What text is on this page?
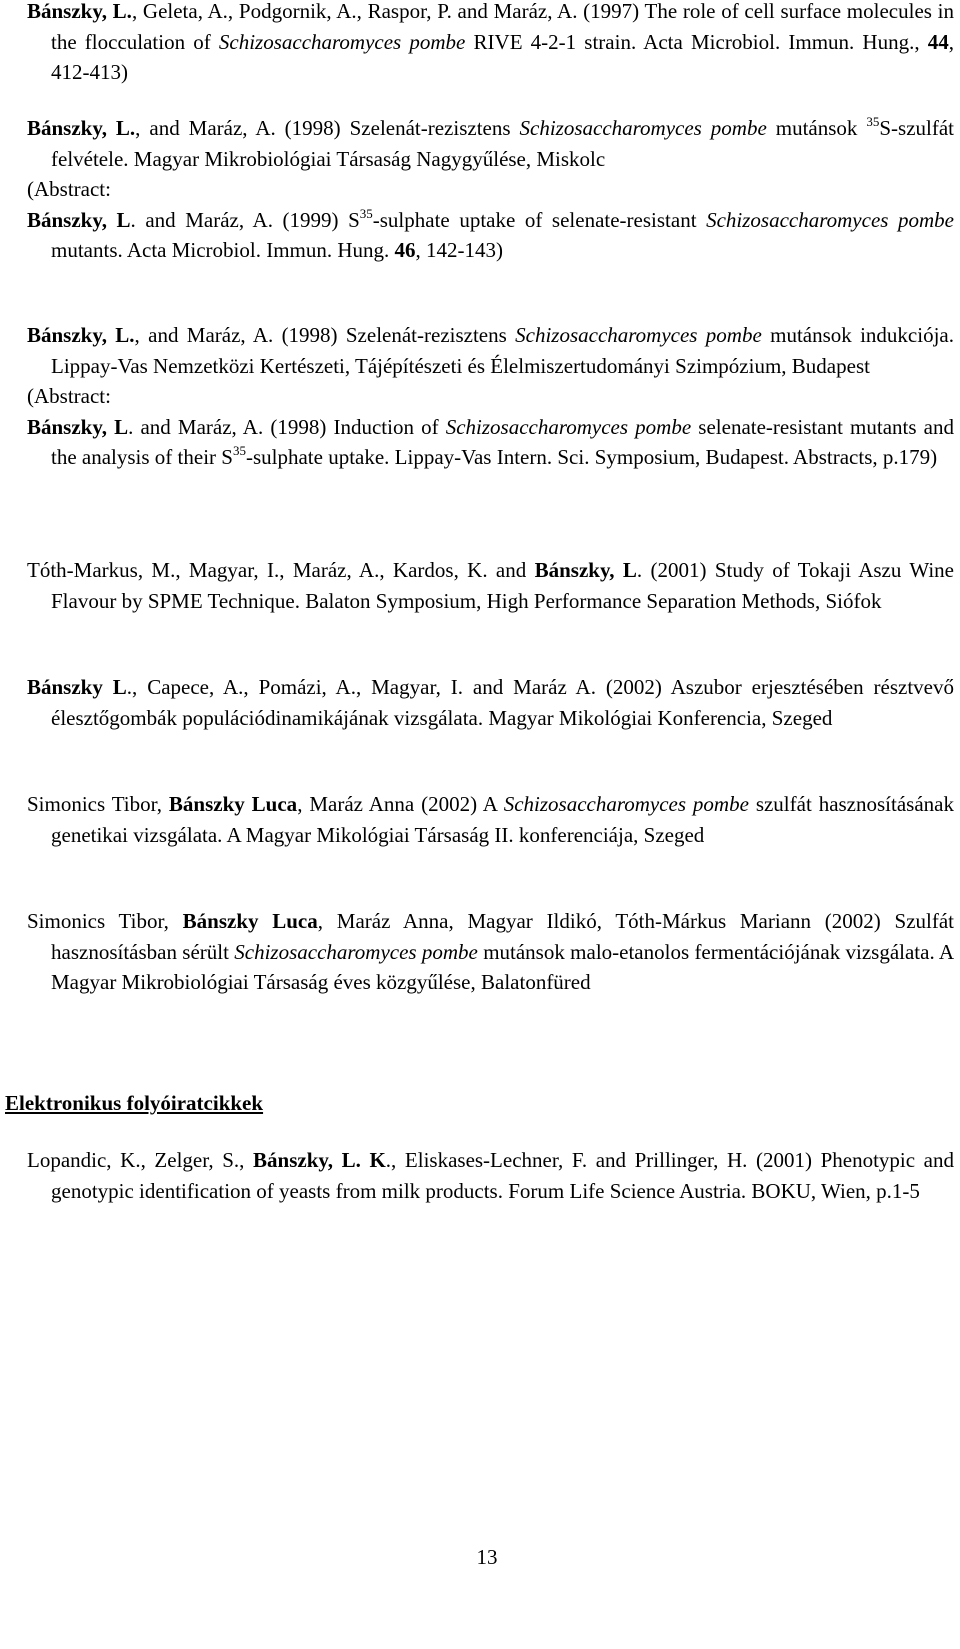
Bánszky, L., Geleta, A., Podgornik, A., Raspor, P. and Maráz, A. (1997) The role of cell surface molecules in the flocculation of Schizosaccharomyces pombe RIVE 4-2-1 strain. Acta Microbiol. Immun. Hung., 44, 412-413)

Bánszky, L., and Maráz, A. (1998) Szelenát-rezisztens Schizosaccharomyces pombe mutánsok $^{35}$S-szulfát felvétele. Magyar Mikrobiológiai Társaság Nagygyűlése, Miskolc
(Abstract:
Bánszky, L. and Maráz, A. (1999) $S^{35}$-sulphate uptake of selenate-resistant Schizosaccharomyces pombe mutants. Acta Microbiol. Immun. Hung. 46, 142-143)

Bánszky, L., and Maráz, A. (1998) Szelenát-rezisztens Schizosaccharomyces pombe mutánsok indukciója. Lippay-Vas Nemzetközi Kertészeti, Tájépítészeti és Élelmiszertudományi Szimpózium, Budapest
(Abstract:
Bánszky, L. and Maráz, A. (1998) Induction of Schizosaccharomyces pombe selenate-resistant mutants and the analysis of their $S^{35}$-sulphate uptake. Lippay-Vas Intern. Sci. Symposium, Budapest. Abstracts, p.179)

Tóth-Markus, M., Magyar, I., Maráz, A., Kardos, K. and Bánszky, L. (2001) Study of Tokaji Aszu Wine Flavour by SPME Technique. Balaton Symposium, High Performance Separation Methods, Siófok

Bánszky L., Capece, A., Pomázi, A., Magyar, I. and Maráz A. (2002) Aszubor erjesztésében résztvevő élesztőgombák populációdinamikájának vizsgálata. Magyar Mikológiai Konferencia, Szeged

Simonics Tibor, Bánszky Luca, Maráz Anna (2002) A Schizosaccharomyces pombe szulfát hasznosításának genetikai vizsgálata. A Magyar Mikológiai Társaság II. konferenciája, Szeged

Simonics Tibor, Bánszky Luca, Maráz Anna, Magyar Ildikó, Tóth-Márkus Mariann (2002) Szulfát hasznosításban sérült Schizosaccharomyces pombe mutánsok malo-etanolos fermentációjának vizsgálata. A Magyar Mikrobiológiai Társaság éves közgyűlése, Balatonfüred

Elektronikus folyóiratcikkek

Lopandic, K., Zelger, S., Bánszky, L. K., Eliskases-Lechner, F. and Prillinger, H. (2001) Phenotypic and genotypic identification of yeasts from milk products. Forum Life Science Austria. BOKU, Wien, p.1-5

13
